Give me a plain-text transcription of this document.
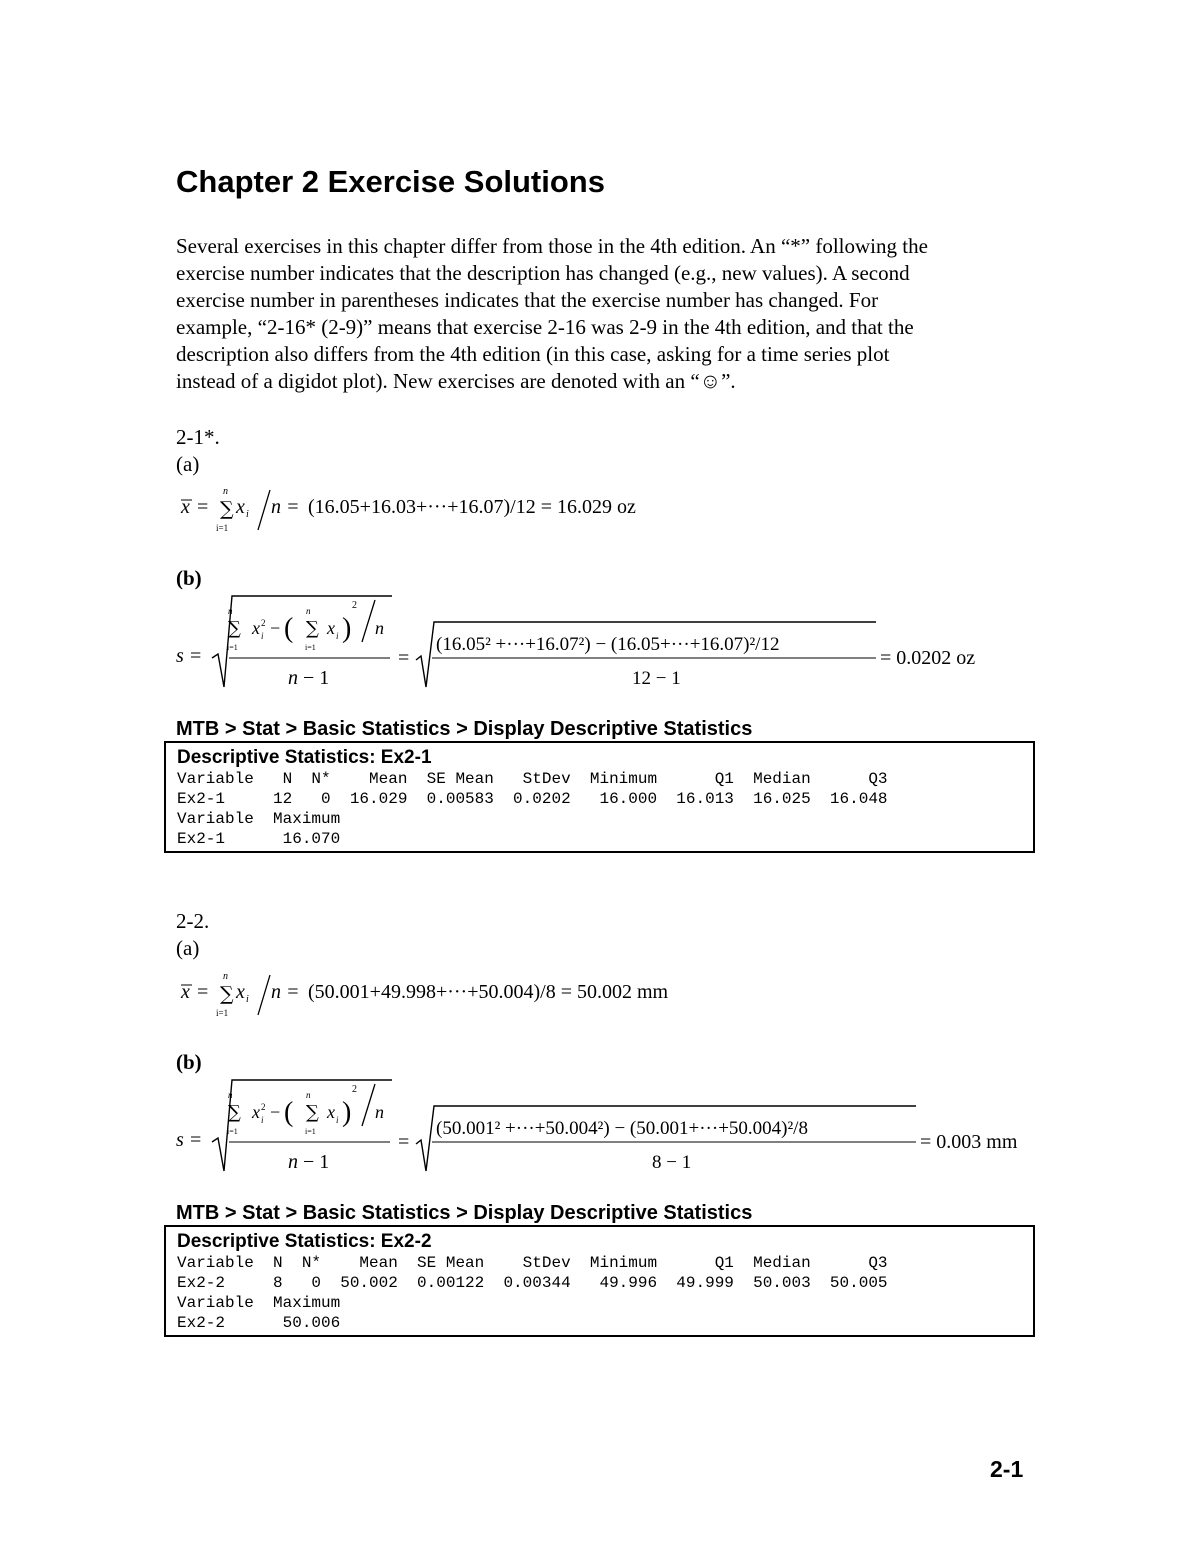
Chapter 2 Exercise Solutions

Several exercises in this chapter differ from those in the 4th edition. An “*” following the

exercise number indicates that the description has changed (e.g., new values). A second

exercise number in parentheses indicates that the exercise number has changed. For

example, “2-16* (2-9)” means that exercise 2-16 was 2-9 in the 4th edition, and that the

description also differs from the 4th edition (in this case, asking for a time series plot

instead of a digidot plot). New exercises are denoted with an “☺”.

2-1*.
(a)
x =
n
∑
i=1
x i n = (16.05+16.03+···+16.07)/12 = 16.029 oz
(b)
s =
n
∑
i=1
x 2
i − (
n
∑
i=1
x i )
2
n
n − 1
=
(16.05² +···+16.07²) − (16.05+···+16.07)²/12
12 − 1
= 0.0202 oz
MTB > Stat > Basic Statistics > Display Descriptive Statistics
Descriptive Statistics: Ex2-1
Variable   N  N*    Mean  SE Mean   StDev  Minimum      Q1  Median      Q3
Ex2-1     12   0  16.029  0.00583  0.0202   16.000  16.013  16.025  16.048
Variable  Maximum
Ex2-1      16.070
2-2.
(a)
x =
n
∑
i=1
x i n = (50.001+49.998+···+50.004)/8 = 50.002 mm
(b)
s =
n
∑
i=1
x 2
i − (
n
∑
i=1
x i )
2
n
n − 1
=
(50.001² +···+50.004²) − (50.001+···+50.004)²/8
8 − 1
= 0.003 mm
MTB > Stat > Basic Statistics > Display Descriptive Statistics
Descriptive Statistics: Ex2-2
Variable  N  N*    Mean  SE Mean    StDev  Minimum      Q1  Median      Q3
Ex2-2     8   0  50.002  0.00122  0.00344   49.996  49.999  50.003  50.005
Variable  Maximum
Ex2-2      50.006
2-1
